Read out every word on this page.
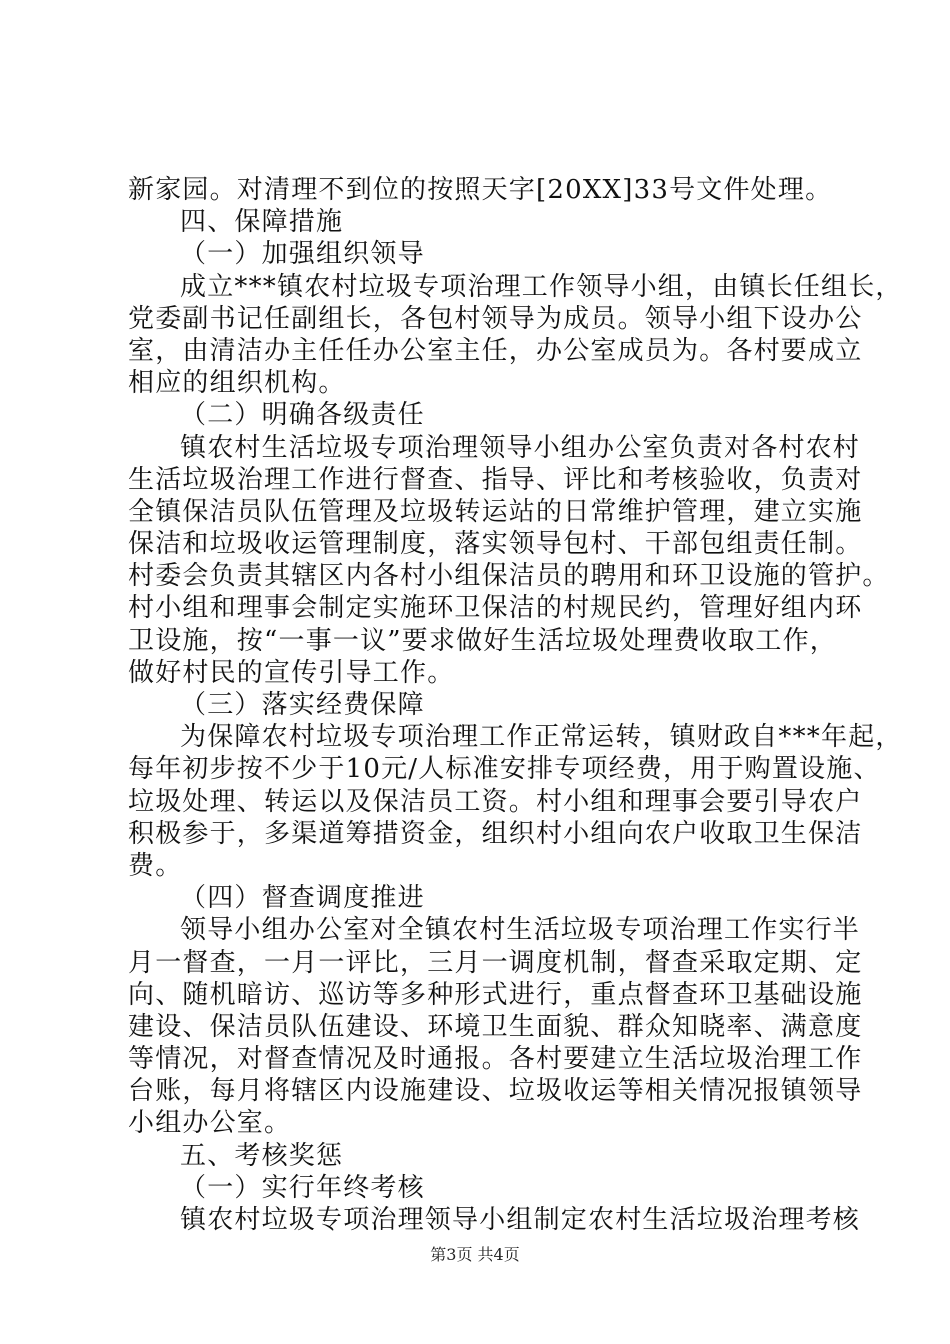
新家园。对清理不到位的按照天字[20XX]33号文件处理。
四、保障措施
（一）加强组织领导
成立***镇农村垃圾专项治理工作领导小组，由镇长任组长，
党委副书记任副组长，各包村领导为成员。领导小组下设办公
室，由清洁办主任任办公室主任，办公室成员为。各村要成立
相应的组织机构。
（二）明确各级责任
镇农村生活垃圾专项治理领导小组办公室负责对各村农村
生活垃圾治理工作进行督查、指导、评比和考核验收，负责对
全镇保洁员队伍管理及垃圾转运站的日常维护管理，建立实施
保洁和垃圾收运管理制度，落实领导包村、干部包组责任制。
村委会负责其辖区内各村小组保洁员的聘用和环卫设施的管护。
村小组和理事会制定实施环卫保洁的村规民约，管理好组内环
卫设施，按“一事一议”要求做好生活垃圾处理费收取工作，
做好村民的宣传引导工作。
（三）落实经费保障
为保障农村垃圾专项治理工作正常运转，镇财政自***年起，
每年初步按不少于10元/人标准安排专项经费，用于购置设施、
垃圾处理、转运以及保洁员工资。村小组和理事会要引导农户
积极参于，多渠道筹措资金，组织村小组向农户收取卫生保洁
费。
（四）督查调度推进
领导小组办公室对全镇农村生活垃圾专项治理工作实行半
月一督查，一月一评比，三月一调度机制，督查采取定期、定
向、随机暗访、巡访等多种形式进行，重点督查环卫基础设施
建设、保洁员队伍建设、环境卫生面貌、群众知晓率、满意度
等情况，对督查情况及时通报。各村要建立生活垃圾治理工作
台账，每月将辖区内设施建设、垃圾收运等相关情况报镇领导
小组办公室。
五、考核奖惩
（一）实行年终考核
镇农村垃圾专项治理领导小组制定农村生活垃圾治理考核
第3页 共4页
